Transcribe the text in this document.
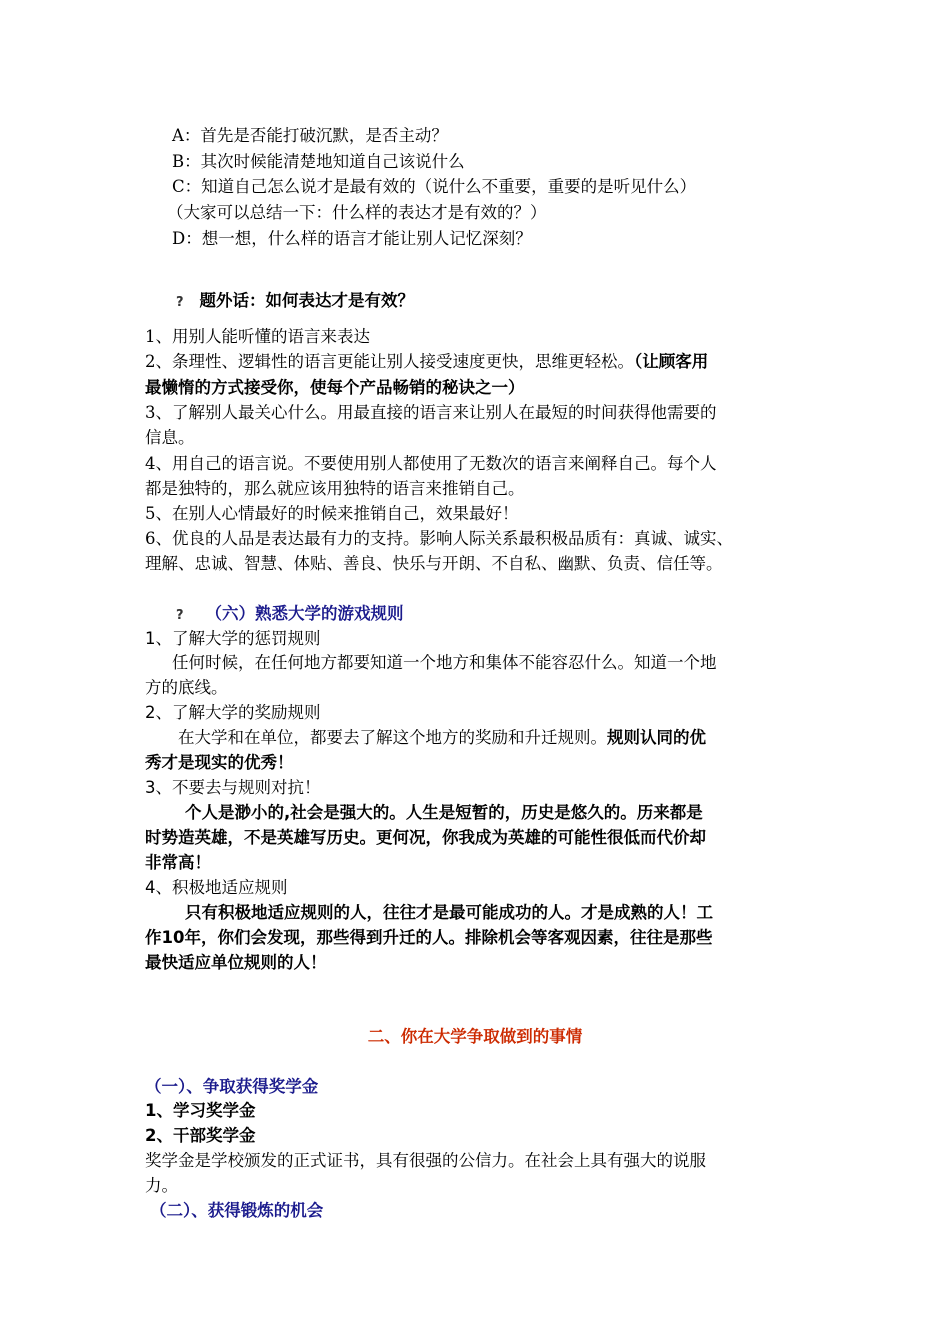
A：首先是否能打破沉默，是否主动？
B：其次时候能清楚地知道自己该说什么
C：知道自己怎么说才是最有效的（说什么不重要，重要的是听见什么）
（大家可以总结一下：什么样的表达才是有效的？）
D：想一想，什么样的语言才能让别人记忆深刻？
? 题外话：如何表达才是有效？
1、用别人能听懂的语言来表达
2、条理性、逻辑性的语言更能让别人接受速度更快，思维更轻松。（让顾客用
最懒惰的方式接受你，使每个产品畅销的秘诀之一）
3、了解别人最关心什么。用最直接的语言来让别人在最短的时间获得他需要的
信息。
4、用自己的语言说。不要使用别人都使用了无数次的语言来阐释自己。每个人
都是独特的，那么就应该用独特的语言来推销自己。
5、在别人心情最好的时候来推销自己，效果最好！
6、优良的人品是表达最有力的支持。影响人际关系最积极品质有：真诚、诚实、
理解、忠诚、智慧、体贴、善良、快乐与开朗、不自私、幽默、负责、信任等。
? （六）熟悉大学的游戏规则
1、了解大学的惩罚规则
任何时候，在任何地方都要知道一个地方和集体不能容忍什么。知道一个地
方的底线。
2、了解大学的奖励规则
在大学和在单位，都要去了解这个地方的奖励和升迁规则。规则认同的优
秀才是现实的优秀！
3、不要去与规则对抗！
个人是渺小的,社会是强大的。人生是短暂的，历史是悠久的。历来都是
时势造英雄，不是英雄写历史。更何况，你我成为英雄的可能性很低而代价却
非常高！
4、积极地适应规则
只有积极地适应规则的人，往往才是最可能成功的人。才是成熟的人！工
作10年，你们会发现，那些得到升迁的人。排除机会等客观因素，往往是那些
最快适应单位规则的人！
二、你在大学争取做到的事情
（一）、争取获得奖学金
1、学习奖学金
2、干部奖学金
奖学金是学校颁发的正式证书，具有很强的公信力。在社会上具有强大的说服
力。
（二）、获得锻炼的机会
